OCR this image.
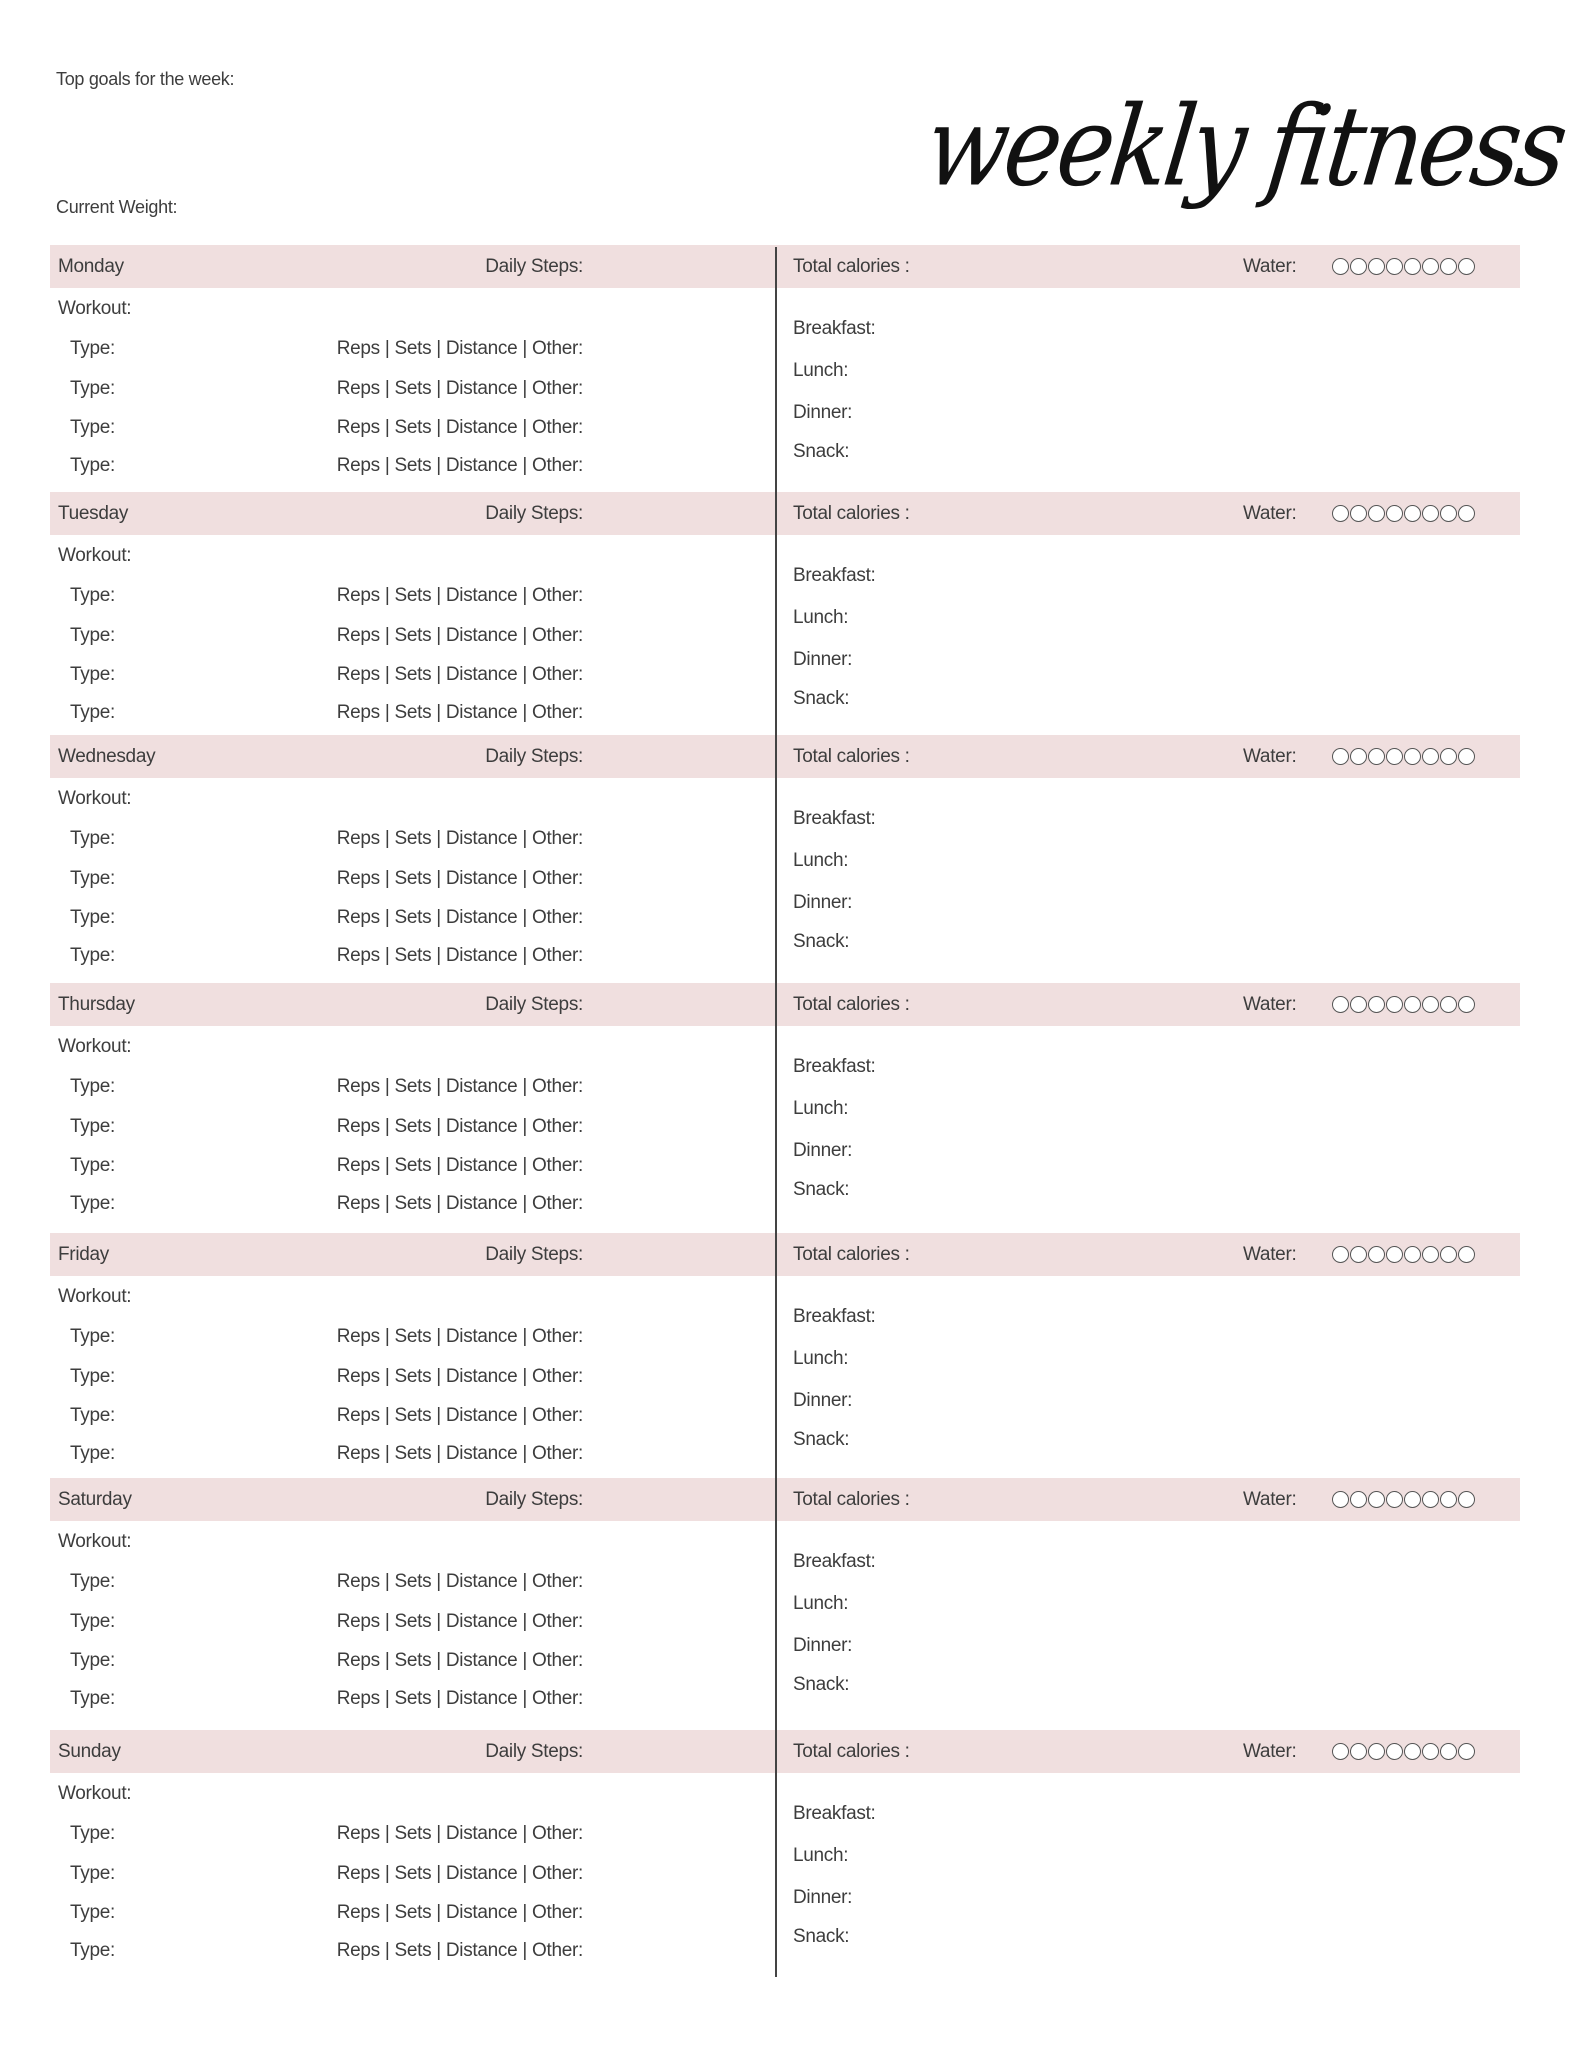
Top goals for the week:
Current Weight:	weekly fitness
Monday	Daily Steps:	Total calories :	Water:
Workout:
Type:	Reps | Sets | Distance | Other:
Type:	Reps | Sets | Distance | Other:
Type:	Reps | Sets | Distance | Other:
Type:	Reps | Sets | Distance | Other:
Breakfast:
Lunch:
Dinner:
Snack:
Tuesday	Daily Steps:	Total calories :	Water:
Workout:
Type:	Reps | Sets | Distance | Other:
Type:	Reps | Sets | Distance | Other:
Type:	Reps | Sets | Distance | Other:
Type:	Reps | Sets | Distance | Other:
Breakfast:
Lunch:
Dinner:
Snack:
Wednesday	Daily Steps:	Total calories :	Water:
Workout:
Type:	Reps | Sets | Distance | Other:
Type:	Reps | Sets | Distance | Other:
Type:	Reps | Sets | Distance | Other:
Type:	Reps | Sets | Distance | Other:
Breakfast:
Lunch:
Dinner:
Snack:
Thursday	Daily Steps:	Total calories :	Water:
Workout:
Type:	Reps | Sets | Distance | Other:
Type:	Reps | Sets | Distance | Other:
Type:	Reps | Sets | Distance | Other:
Type:	Reps | Sets | Distance | Other:
Breakfast:
Lunch:
Dinner:
Snack:
Friday	Daily Steps:	Total calories :	Water:
Workout:
Type:	Reps | Sets | Distance | Other:
Type:	Reps | Sets | Distance | Other:
Type:	Reps | Sets | Distance | Other:
Type:	Reps | Sets | Distance | Other:
Breakfast:
Lunch:
Dinner:
Snack:
Saturday	Daily Steps:	Total calories :	Water:
Workout:
Type:	Reps | Sets | Distance | Other:
Type:	Reps | Sets | Distance | Other:
Type:	Reps | Sets | Distance | Other:
Type:	Reps | Sets | Distance | Other:
Breakfast:
Lunch:
Dinner:
Snack:
Sunday	Daily Steps:	Total calories :	Water:
Workout:
Type:	Reps | Sets | Distance | Other:
Type:	Reps | Sets | Distance | Other:
Type:	Reps | Sets | Distance | Other:
Type:	Reps | Sets | Distance | Other:
Breakfast:
Lunch:
Dinner:
Snack:
